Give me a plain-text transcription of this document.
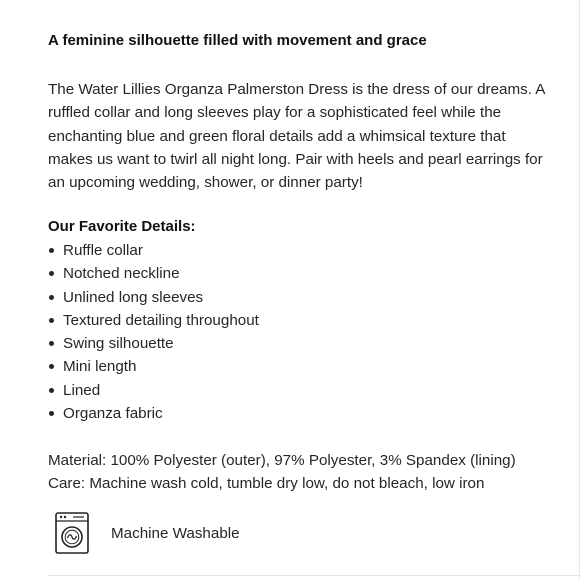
A feminine silhouette filled with movement and grace

The Water Lillies Organza Palmerston Dress is the dress of our dreams. A ruffled collar and long sleeves play for a sophisticated feel while the enchanting blue and green floral details add a whimsical texture that makes us want to twirl all night long. Pair with heels and pearl earrings for an upcoming wedding, shower, or dinner party!

Our Favorite Details:
Ruffle collar
Notched neckline
Unlined long sleeves
Textured detailing throughout
Swing silhouette
Mini length
Lined
Organza fabric

Material: 100% Polyester (outer), 97% Polyester, 3% Spandex (lining)

Care: Machine wash cold, tumble dry low, do not bleach, low iron

Machine Washable
